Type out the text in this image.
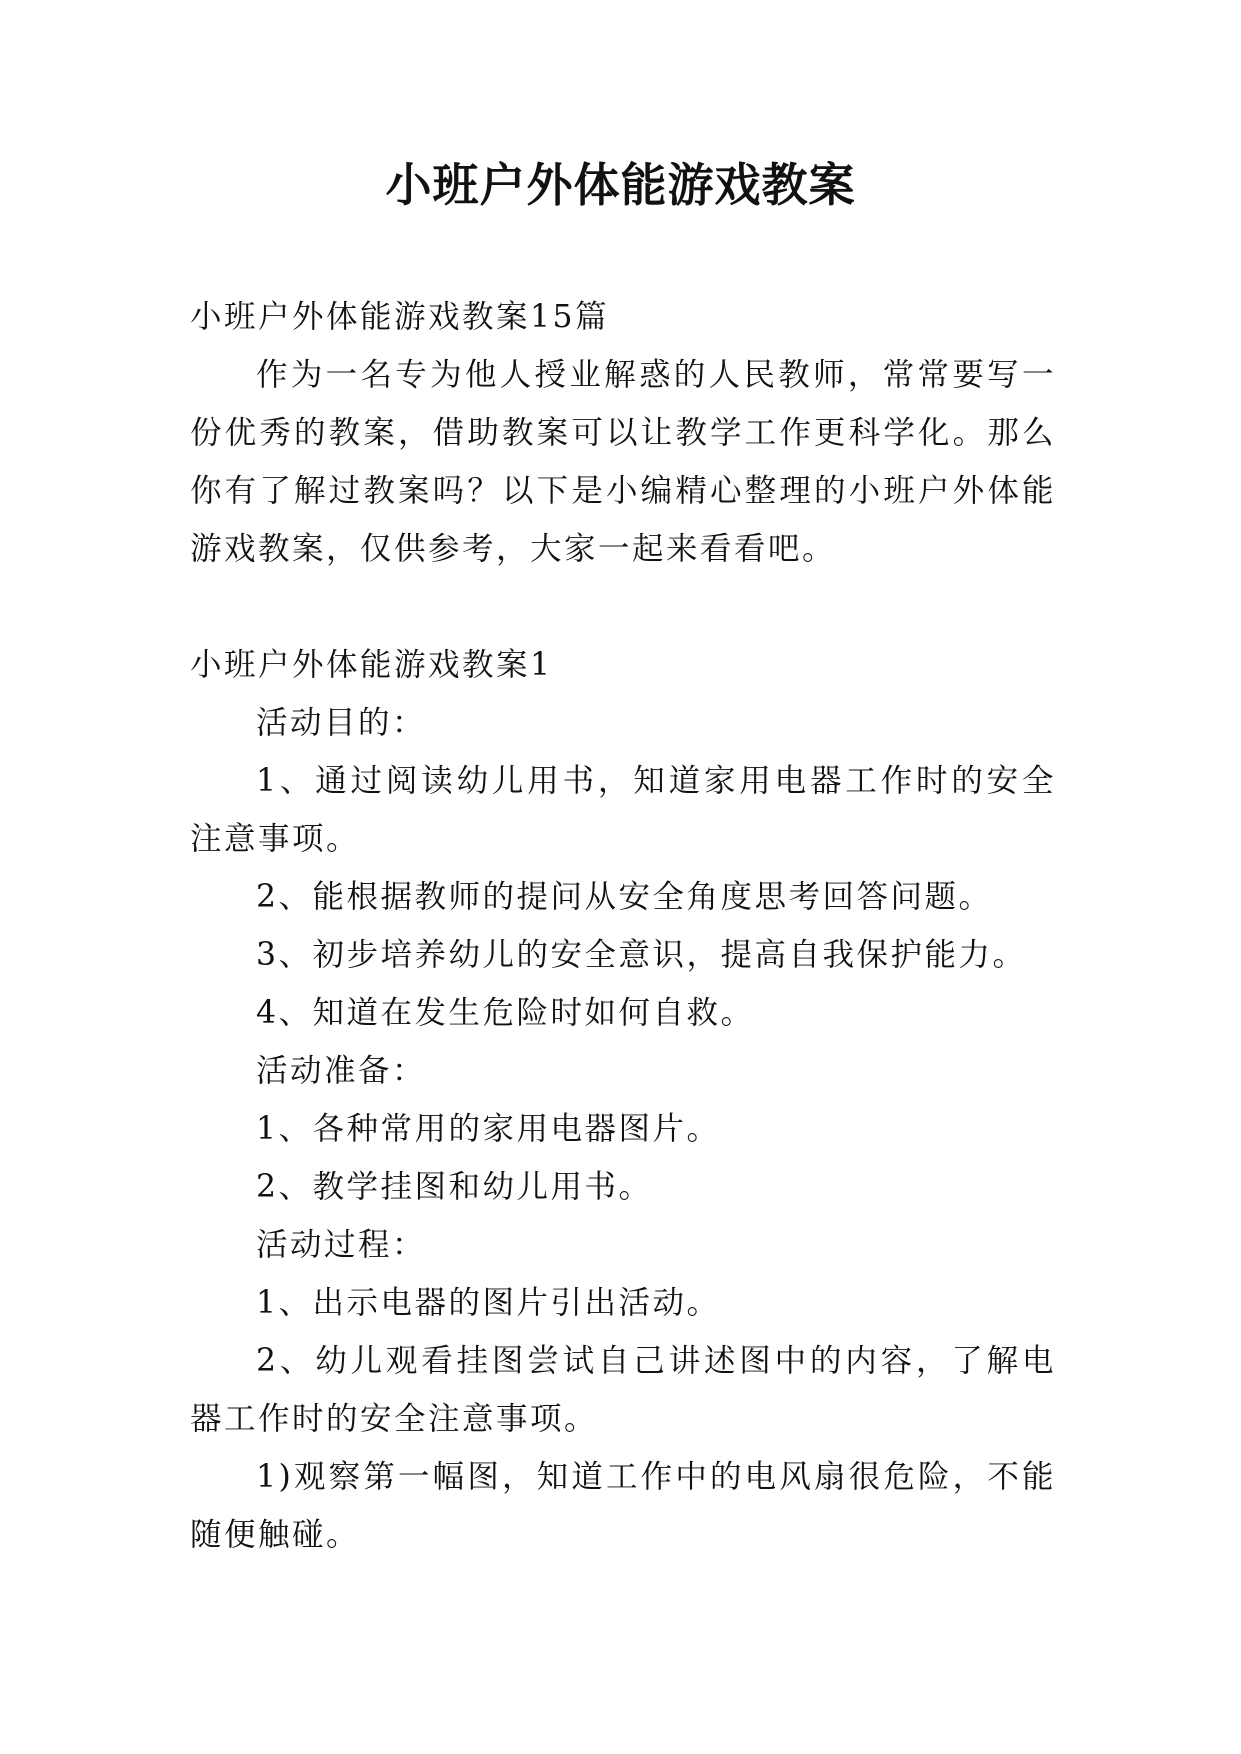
小班户外体能游戏教案

小班户外体能游戏教案15篇

作为一名专为他人授业解惑的人民教师，常常要写一份优秀的教案，借助教案可以让教学工作更科学化。那么你有了解过教案吗？以下是小编精心整理的小班户外体能游戏教案，仅供参考，大家一起来看看吧。

小班户外体能游戏教案1

活动目的：

1、通过阅读幼儿用书，知道家用电器工作时的安全注意事项。

2、能根据教师的提问从安全角度思考回答问题。

3、初步培养幼儿的安全意识，提高自我保护能力。

4、知道在发生危险时如何自救。

活动准备：

1、各种常用的家用电器图片。

2、教学挂图和幼儿用书。

活动过程：

1、出示电器的图片引出活动。

2、幼儿观看挂图尝试自己讲述图中的内容，了解电器工作时的安全注意事项。

1)观察第一幅图，知道工作中的电风扇很危险，不能随便触碰。
